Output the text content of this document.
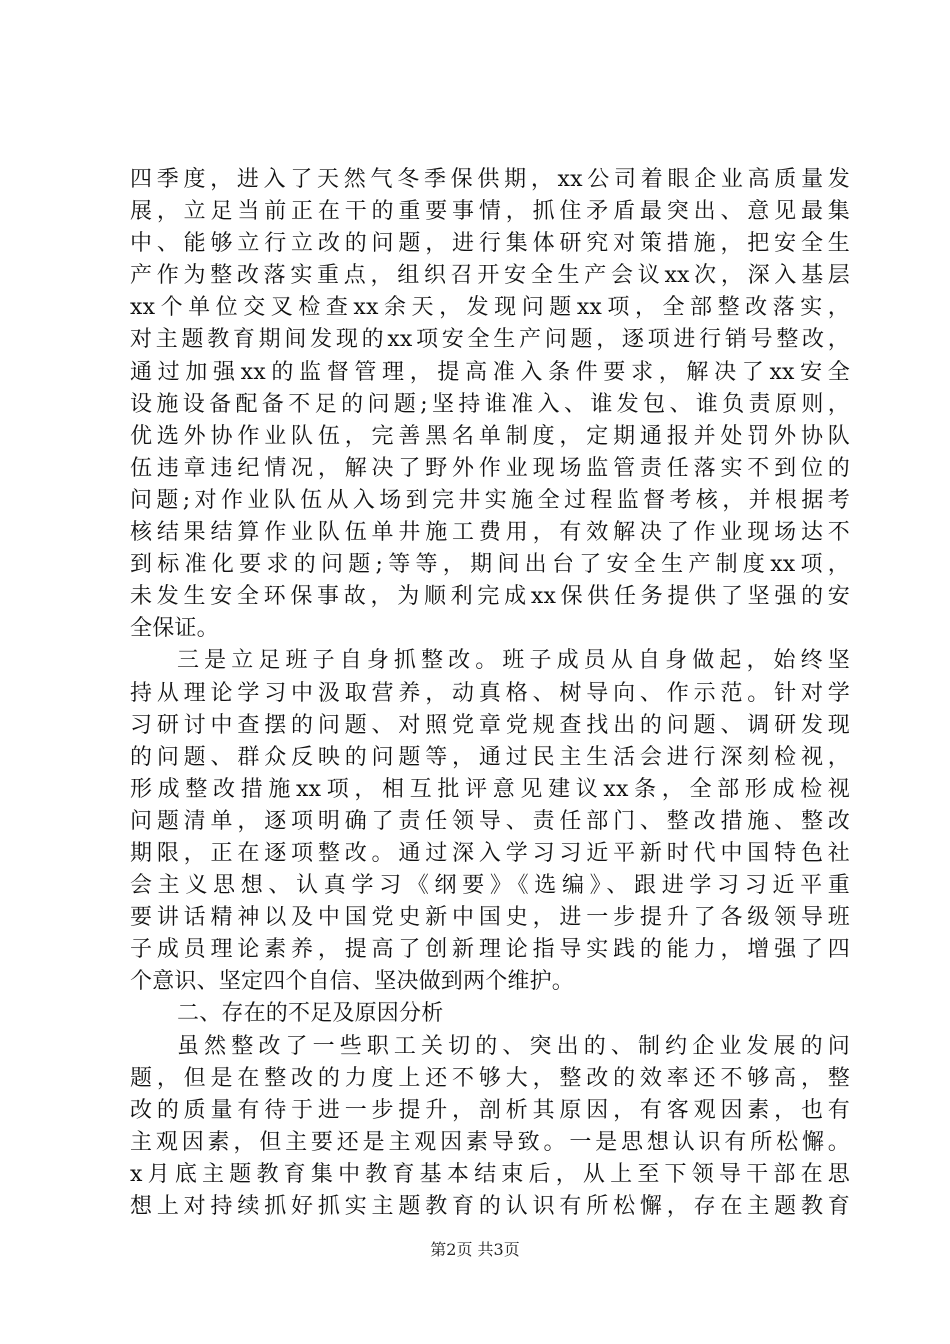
四季度，进入了天然气冬季保供期，xx公司着眼企业高质量发
展，立足当前正在干的重要事情，抓住矛盾最突出、意见最集
中、能够立行立改的问题，进行集体研究对策措施，把安全生
产作为整改落实重点，组织召开安全生产会议xx次，深入基层
xx个单位交叉检查xx余天，发现问题xx项，全部整改落实，
对主题教育期间发现的xx项安全生产问题，逐项进行销号整改，
通过加强xx的监督管理，提高准入条件要求，解决了xx安全
设施设备配备不足的问题;坚持谁准入、谁发包、谁负责原则，
优选外协作业队伍，完善黑名单制度，定期通报并处罚外协队
伍违章违纪情况，解决了野外作业现场监管责任落实不到位的
问题;对作业队伍从入场到完井实施全过程监督考核，并根据考
核结果结算作业队伍单井施工费用，有效解决了作业现场达不
到标准化要求的问题;等等，期间出台了安全生产制度xx项，
未发生安全环保事故，为顺利完成xx保供任务提供了坚强的安
全保证。
三是立足班子自身抓整改。班子成员从自身做起，始终坚
持从理论学习中汲取营养，动真格、树导向、作示范。针对学
习研讨中查摆的问题、对照党章党规查找出的问题、调研发现
的问题、群众反映的问题等，通过民主生活会进行深刻检视，
形成整改措施xx项，相互批评意见建议xx条，全部形成检视
问题清单，逐项明确了责任领导、责任部门、整改措施、整改
期限，正在逐项整改。通过深入学习习近平新时代中国特色社
会主义思想、认真学习《纲要》《选编》、跟进学习习近平重
要讲话精神以及中国党史新中国史，进一步提升了各级领导班
子成员理论素养，提高了创新理论指导实践的能力，增强了四
个意识、坚定四个自信、坚决做到两个维护。
二、存在的不足及原因分析
虽然整改了一些职工关切的、突出的、制约企业发展的问
题，但是在整改的力度上还不够大，整改的效率还不够高，整
改的质量有待于进一步提升，剖析其原因，有客观因素，也有
主观因素，但主要还是主观因素导致。一是思想认识有所松懈。
x月底主题教育集中教育基本结束后，从上至下领导干部在思
想上对持续抓好抓实主题教育的认识有所松懈，存在主题教育
第2页 共3页
